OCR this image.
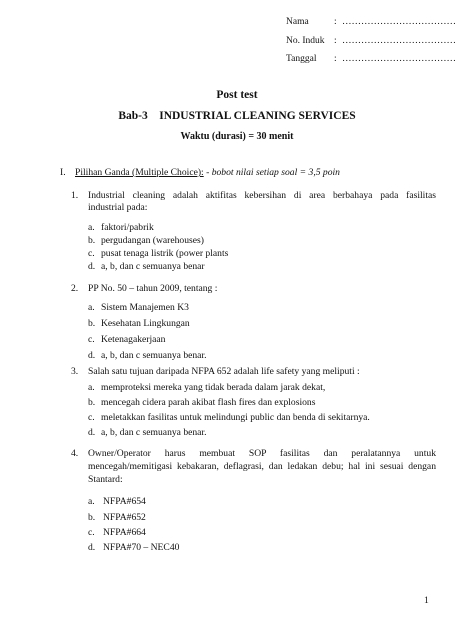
Nama	: ………………………………
No. Induk : ………………………………
Tanggal : ………………………………
Post test
Bab-3    INDUSTRIAL CLEANING SERVICES
Waktu (durasi) = 30 menit
I. Pilihan Ganda (Multiple Choice): - bobot nilai setiap soal = 3,5 poin
1. Industrial cleaning adalah aktifitas kebersihan di area berbahaya pada fasilitas
industrial pada:
a. faktori/pabrik
b. pergudangan (warehouses)
c. pusat tenaga listrik (power plants
d. a, b, dan c semuanya benar
2. PP No. 50 – tahun 2009, tentang :
a. Sistem Manajemen K3
b. Kesehatan Lingkungan
c. Ketenagakerjaan
d. a, b, dan c semuanya benar.
3. Salah satu tujuan daripada NFPA 652 adalah life safety yang meliputi :
a. memproteksi mereka yang tidak berada dalam jarak dekat,
b. mencegah cidera parah akibat flash fires dan explosions
c. meletakkan fasilitas untuk melindungi public dan benda di sekitarnya.
d. a, b, dan c semuanya benar.
4. Owner/Operator harus membuat SOP fasilitas dan peralatannya untuk
mencegah/memitigasi kebakaran, deflagrasi, dan ledakan debu; hal ini sesuai dengan
Stantard:
a. NFPA#654
b. NFPA#652
c. NFPA#664
d. NFPA#70 – NEC40
1
